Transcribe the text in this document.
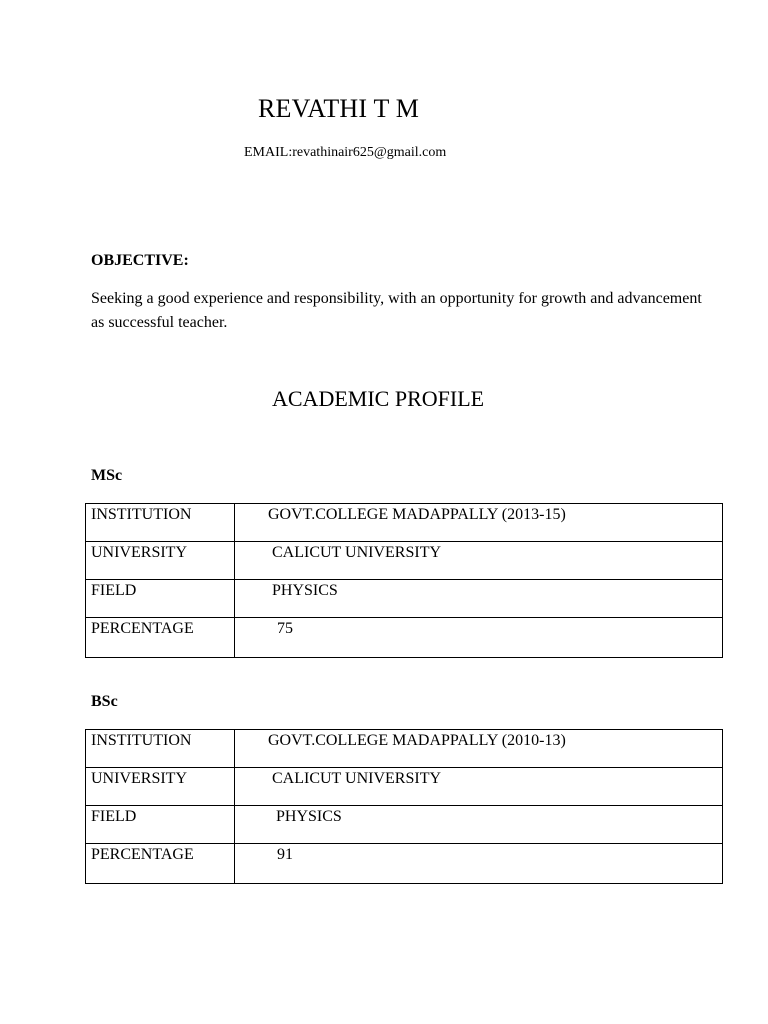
REVATHI T M
EMAIL:revathinair625@gmail.com
OBJECTIVE:
Seeking a good experience and responsibility, with an opportunity for growth and advancement as successful teacher.
ACADEMIC PROFILE
MSc
INSTITUTION	GOVT.COLLEGE MADAPPALLY (2013-15)
UNIVERSITY	CALICUT UNIVERSITY
FIELD	PHYSICS
PERCENTAGE	75
BSc
INSTITUTION	GOVT.COLLEGE MADAPPALLY (2010-13)
UNIVERSITY	CALICUT UNIVERSITY
FIELD	PHYSICS
PERCENTAGE	91
